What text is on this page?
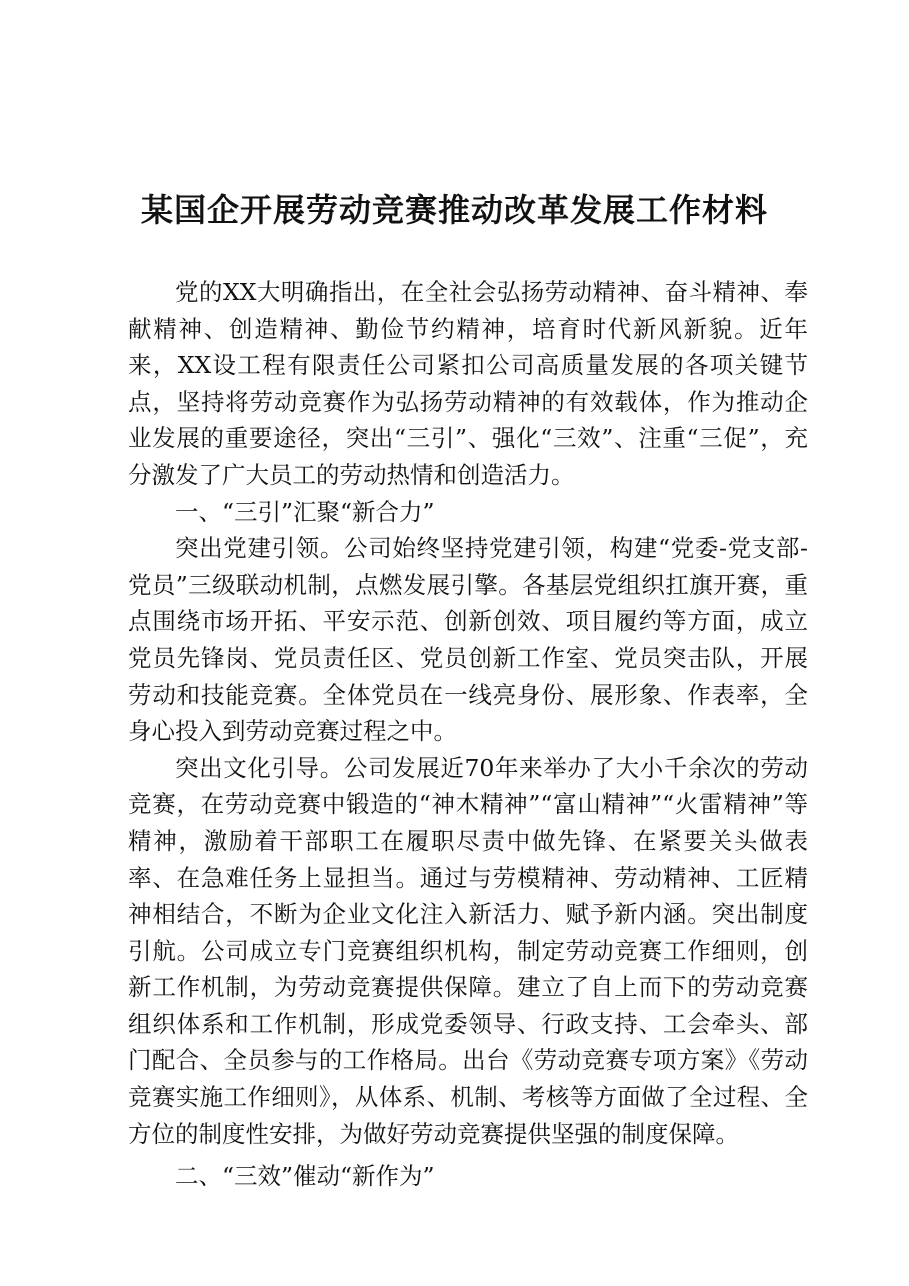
某国企开展劳动竞赛推动改革发展工作材料

党的XX大明确指出，在全社会弘扬劳动精神、奋斗精神、奉献精神、创造精神、勤俭节约精神，培育时代新风新貌。近年来，XX设工程有限责任公司紧扣公司高质量发展的各项关键节点，坚持将劳动竞赛作为弘扬劳动精神的有效载体，作为推动企业发展的重要途径，突出“三引”、强化“三效”、注重“三促”，充分激发了广大员工的劳动热情和创造活力。

一、“三引”汇聚“新合力”

突出党建引领。公司始终坚持党建引领，构建“党委-党支部-党员”三级联动机制，点燃发展引擎。各基层党组织扛旗开赛，重点围绕市场开拓、平安示范、创新创效、项目履约等方面，成立党员先锋岗、党员责任区、党员创新工作室、党员突击队，开展劳动和技能竞赛。全体党员在一线亮身份、展形象、作表率，全身心投入到劳动竞赛过程之中。

突出文化引导。公司发展近70年来举办了大小千余次的劳动竞赛，在劳动竞赛中锻造的“神木精神”“富山精神”“火雷精神”等精神，激励着干部职工在履职尽责中做先锋、在紧要关头做表率、在急难任务上显担当。通过与劳模精神、劳动精神、工匠精神相结合，不断为企业文化注入新活力、赋予新内涵。突出制度引航。公司成立专门竞赛组织机构，制定劳动竞赛工作细则，创新工作机制，为劳动竞赛提供保障。建立了自上而下的劳动竞赛组织体系和工作机制，形成党委领导、行政支持、工会牵头、部门配合、全员参与的工作格局。出台《劳动竞赛专项方案》《劳动竞赛实施工作细则》，从体系、机制、考核等方面做了全过程、全方位的制度性安排，为做好劳动竞赛提供坚强的制度保障。

二、“三效”催动“新作为”
